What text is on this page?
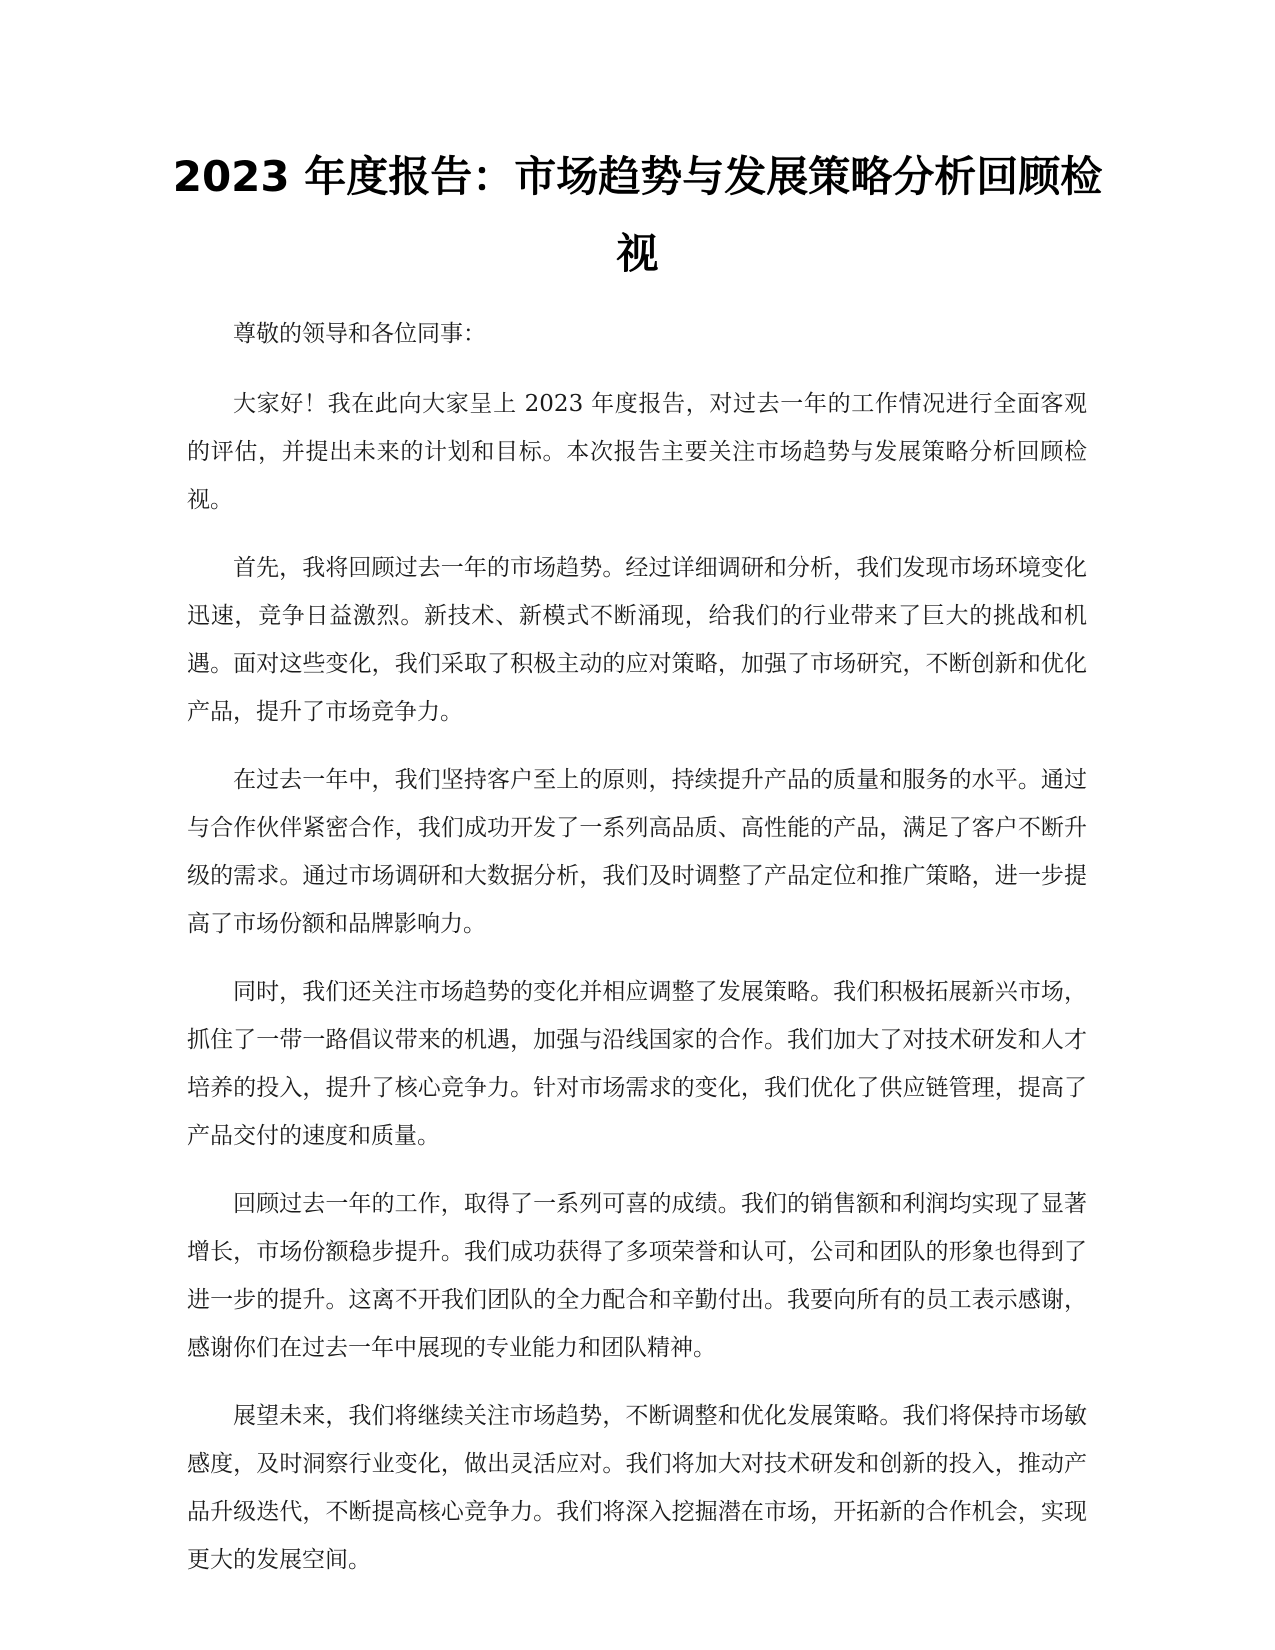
2023 年度报告：市场趋势与发展策略分析回顾检视

尊敬的领导和各位同事：

大家好！我在此向大家呈上 2023 年度报告，对过去一年的工作情况进行全面客观的评估，并提出未来的计划和目标。本次报告主要关注市场趋势与发展策略分析回顾检视。

首先，我将回顾过去一年的市场趋势。经过详细调研和分析，我们发现市场环境变化迅速，竞争日益激烈。新技术、新模式不断涌现，给我们的行业带来了巨大的挑战和机遇。面对这些变化，我们采取了积极主动的应对策略，加强了市场研究，不断创新和优化产品，提升了市场竞争力。

在过去一年中，我们坚持客户至上的原则，持续提升产品的质量和服务的水平。通过与合作伙伴紧密合作，我们成功开发了一系列高品质、高性能的产品，满足了客户不断升级的需求。通过市场调研和大数据分析，我们及时调整了产品定位和推广策略，进一步提高了市场份额和品牌影响力。

同时，我们还关注市场趋势的变化并相应调整了发展策略。我们积极拓展新兴市场，抓住了一带一路倡议带来的机遇，加强与沿线国家的合作。我们加大了对技术研发和人才培养的投入，提升了核心竞争力。针对市场需求的变化，我们优化了供应链管理，提高了产品交付的速度和质量。

回顾过去一年的工作，取得了一系列可喜的成绩。我们的销售额和利润均实现了显著增长，市场份额稳步提升。我们成功获得了多项荣誉和认可，公司和团队的形象也得到了进一步的提升。这离不开我们团队的全力配合和辛勤付出。我要向所有的员工表示感谢，感谢你们在过去一年中展现的专业能力和团队精神。

展望未来，我们将继续关注市场趋势，不断调整和优化发展策略。我们将保持市场敏感度，及时洞察行业变化，做出灵活应对。我们将加大对技术研发和创新的投入，推动产品升级迭代，不断提高核心竞争力。我们将深入挖掘潜在市场，开拓新的合作机会，实现更大的发展空间。
